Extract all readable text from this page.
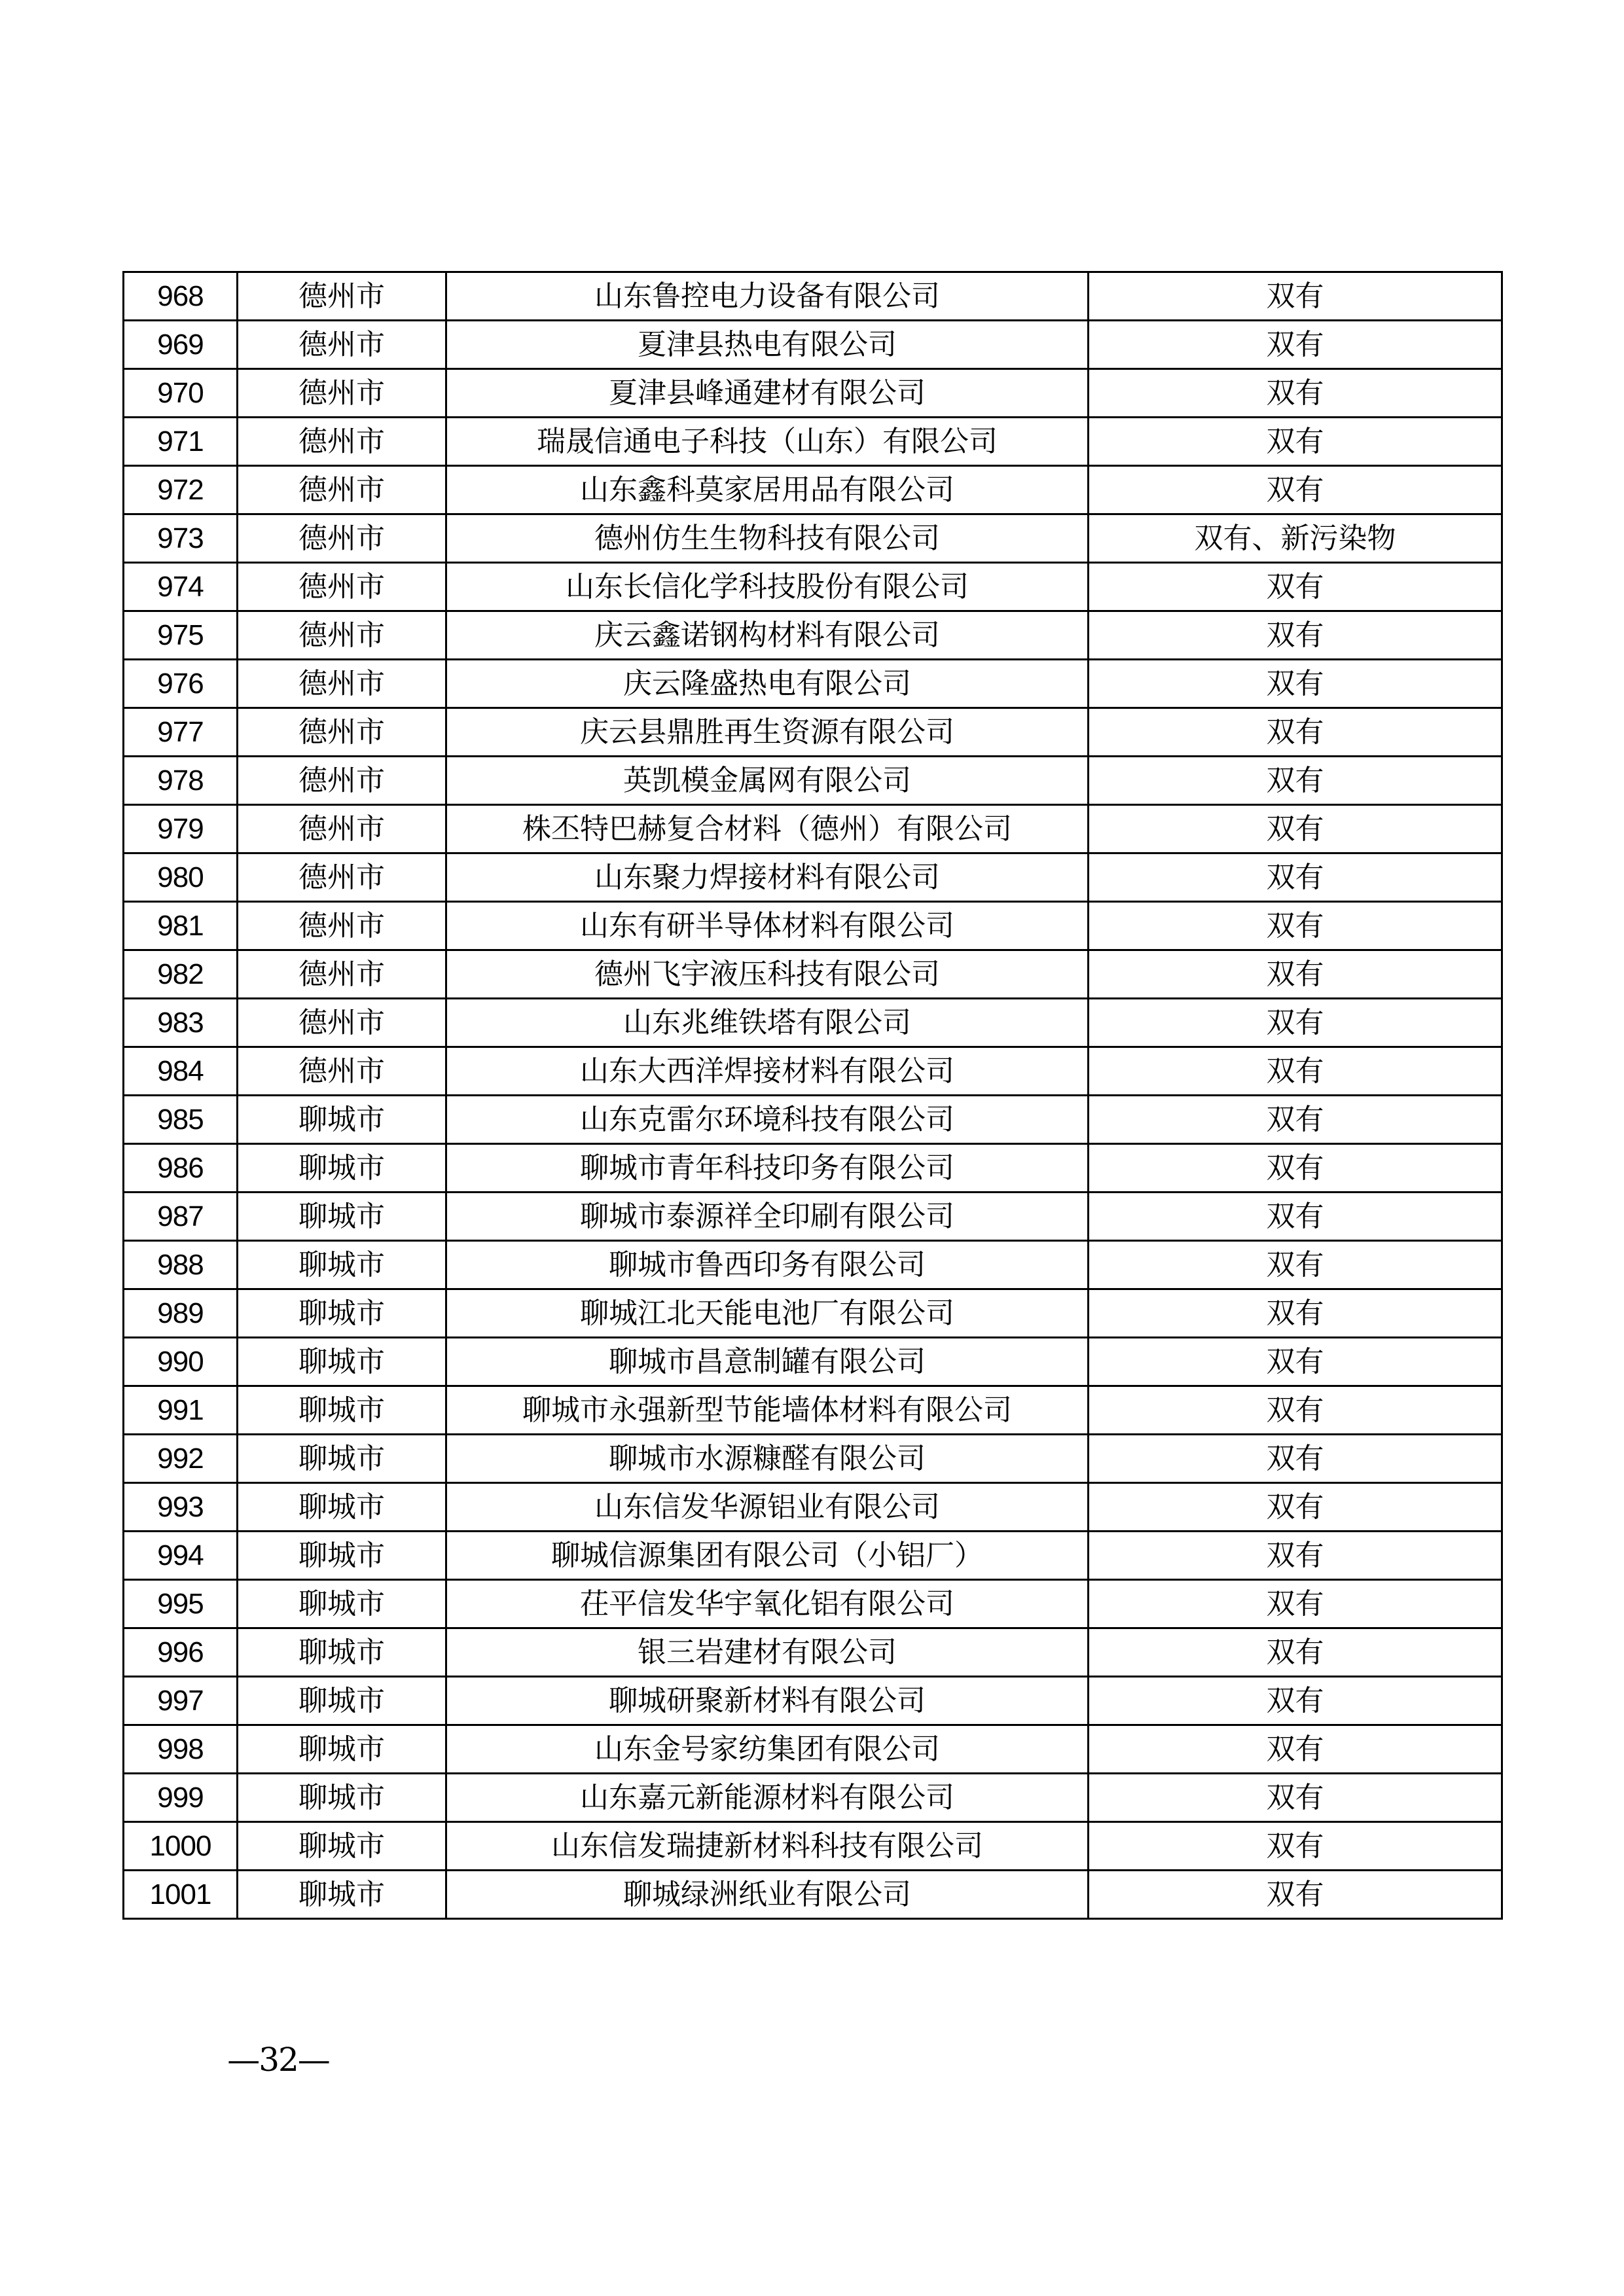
968	德州市	山东鲁控电力设备有限公司	双有
969	德州市	夏津县热电有限公司	双有
970	德州市	夏津县峰通建材有限公司	双有
971	德州市	瑞晟信通电子科技（山东）有限公司	双有
972	德州市	山东鑫科莫家居用品有限公司	双有
973	德州市	德州仿生生物科技有限公司	双有、新污染物
974	德州市	山东长信化学科技股份有限公司	双有
975	德州市	庆云鑫诺钢构材料有限公司	双有
976	德州市	庆云隆盛热电有限公司	双有
977	德州市	庆云县鼎胜再生资源有限公司	双有
978	德州市	英凯模金属网有限公司	双有
979	德州市	株丕特巴赫复合材料（德州）有限公司	双有
980	德州市	山东聚力焊接材料有限公司	双有
981	德州市	山东有研半导体材料有限公司	双有
982	德州市	德州飞宇液压科技有限公司	双有
983	德州市	山东兆维铁塔有限公司	双有
984	德州市	山东大西洋焊接材料有限公司	双有
985	聊城市	山东克雷尔环境科技有限公司	双有
986	聊城市	聊城市青年科技印务有限公司	双有
987	聊城市	聊城市泰源祥全印刷有限公司	双有
988	聊城市	聊城市鲁西印务有限公司	双有
989	聊城市	聊城江北天能电池厂有限公司	双有
990	聊城市	聊城市昌意制罐有限公司	双有
991	聊城市	聊城市永强新型节能墙体材料有限公司	双有
992	聊城市	聊城市水源糠醛有限公司	双有
993	聊城市	山东信发华源铝业有限公司	双有
994	聊城市	聊城信源集团有限公司（小铝厂）	双有
995	聊城市	茌平信发华宇氧化铝有限公司	双有
996	聊城市	银三岩建材有限公司	双有
997	聊城市	聊城研聚新材料有限公司	双有
998	聊城市	山东金号家纺集团有限公司	双有
999	聊城市	山东嘉元新能源材料有限公司	双有
1000	聊城市	山东信发瑞捷新材料科技有限公司	双有
1001	聊城市	聊城绿洲纸业有限公司	双有
—32—
